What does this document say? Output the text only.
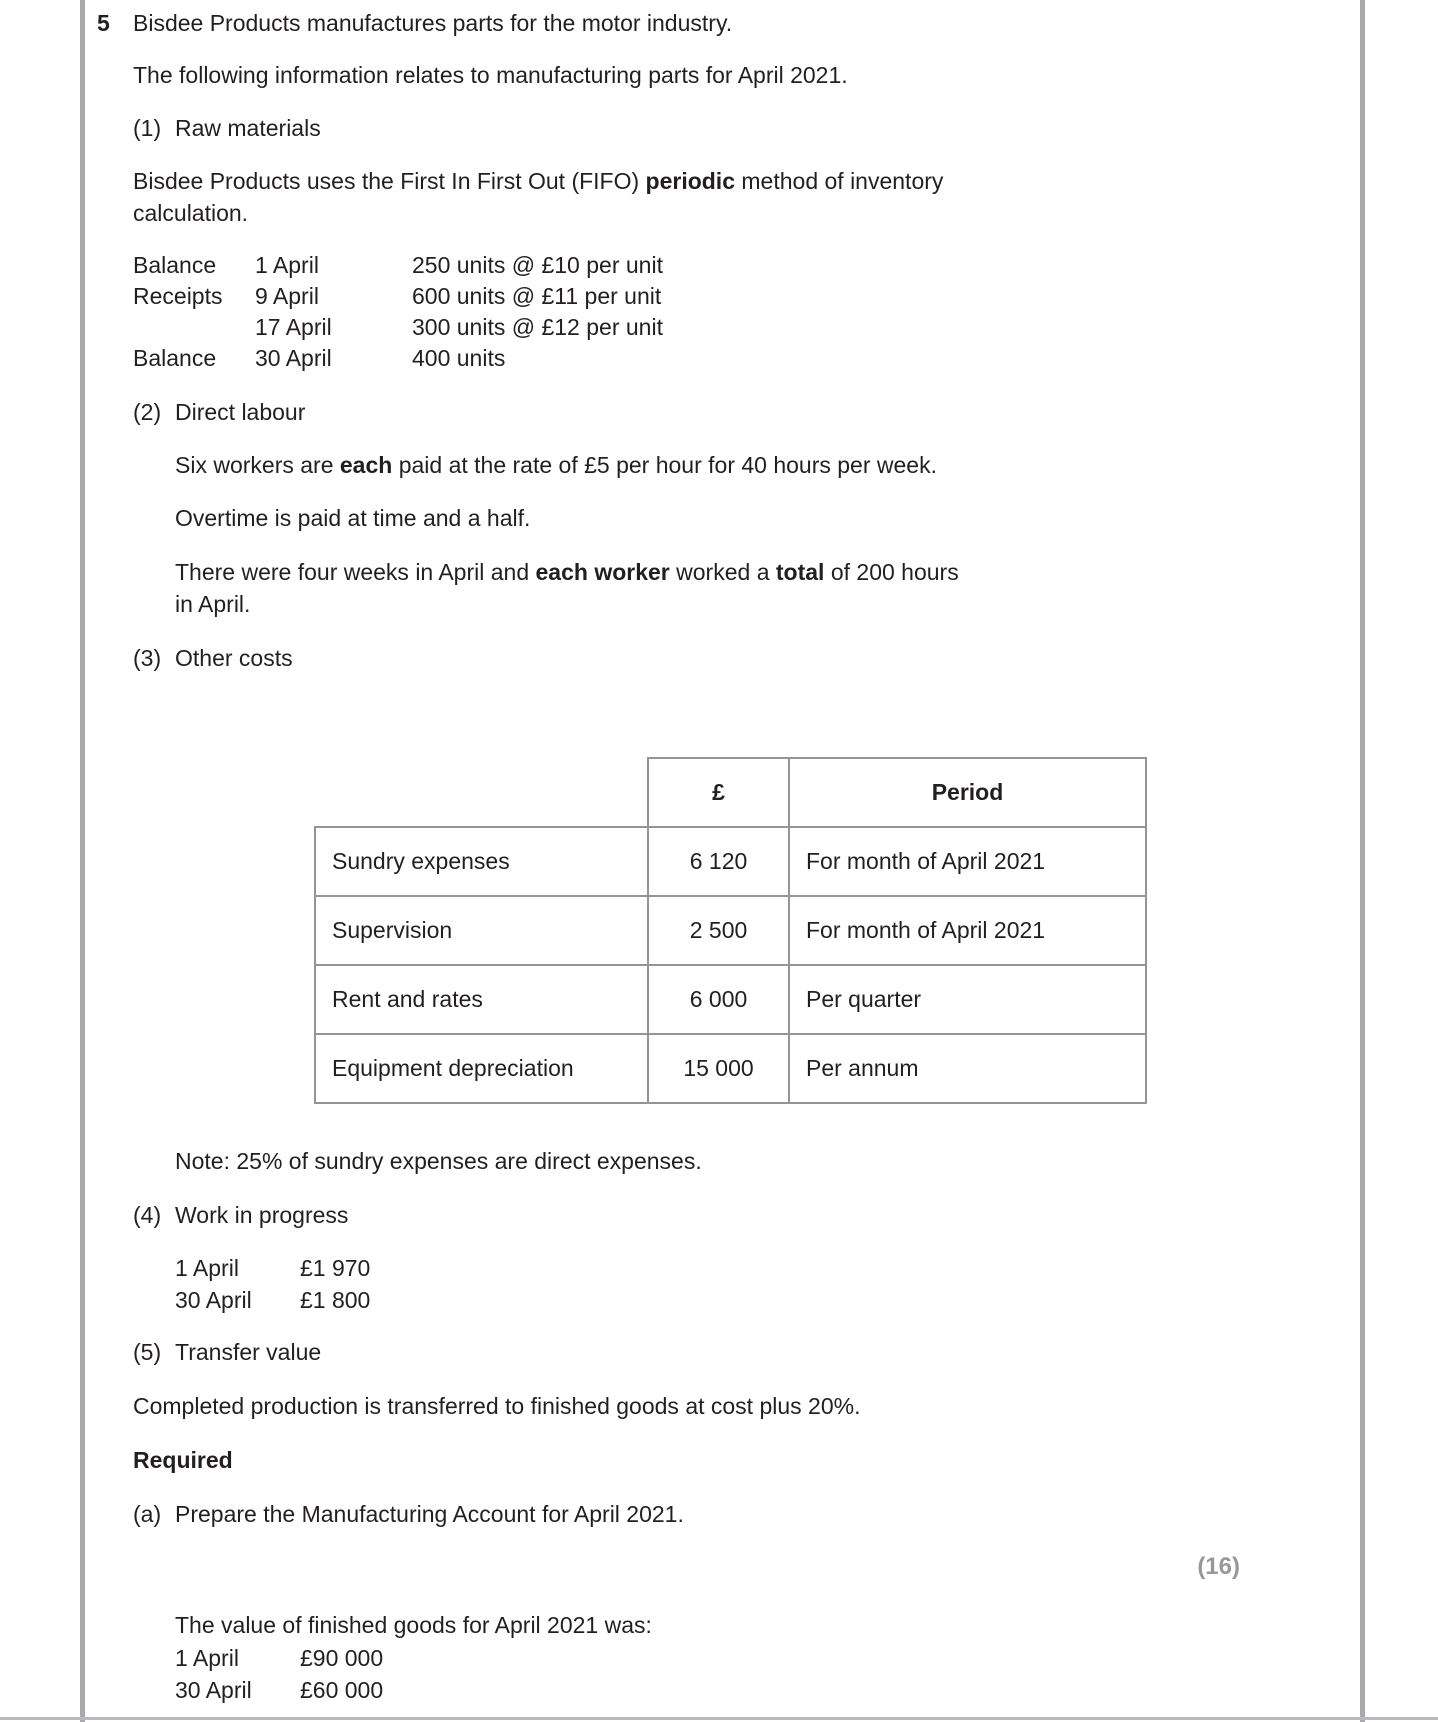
5 Bisdee Products manufactures parts for the motor industry.
The following information relates to manufacturing parts for April 2021.
(1) Raw materials
Bisdee Products uses the First In First Out (FIFO) periodic method of inventory
calculation.
Balance 1 April	250 units @ £10 per unit
Receipts 9 April	600 units @ £11 per unit
17 April	300 units @ £12 per unit
Balance 30 April	400 units
(2) Direct labour
Six workers are each paid at the rate of £5 per hour for 40 hours per week.
Overtime is paid at time and a half.
There were four weeks in April and each worker worked a total of 200 hours
in April.
(3) Other costs
	£	Period
Sundry expenses	6 120	For month of April 2021
Supervision	2 500	For month of April 2021
Rent and rates	6 000	Per quarter
Equipment depreciation	15 000	Per annum
Note: 25% of sundry expenses are direct expenses.
(4) Work in progress
1 April	£1 970
30 April £1 800
(5) Transfer value
Completed production is transferred to finished goods at cost plus 20%.
Required
(a) Prepare the Manufacturing Account for April 2021.
(16)
The value of finished goods for April 2021 was:
1 April	£90 000
30 April £60 000
